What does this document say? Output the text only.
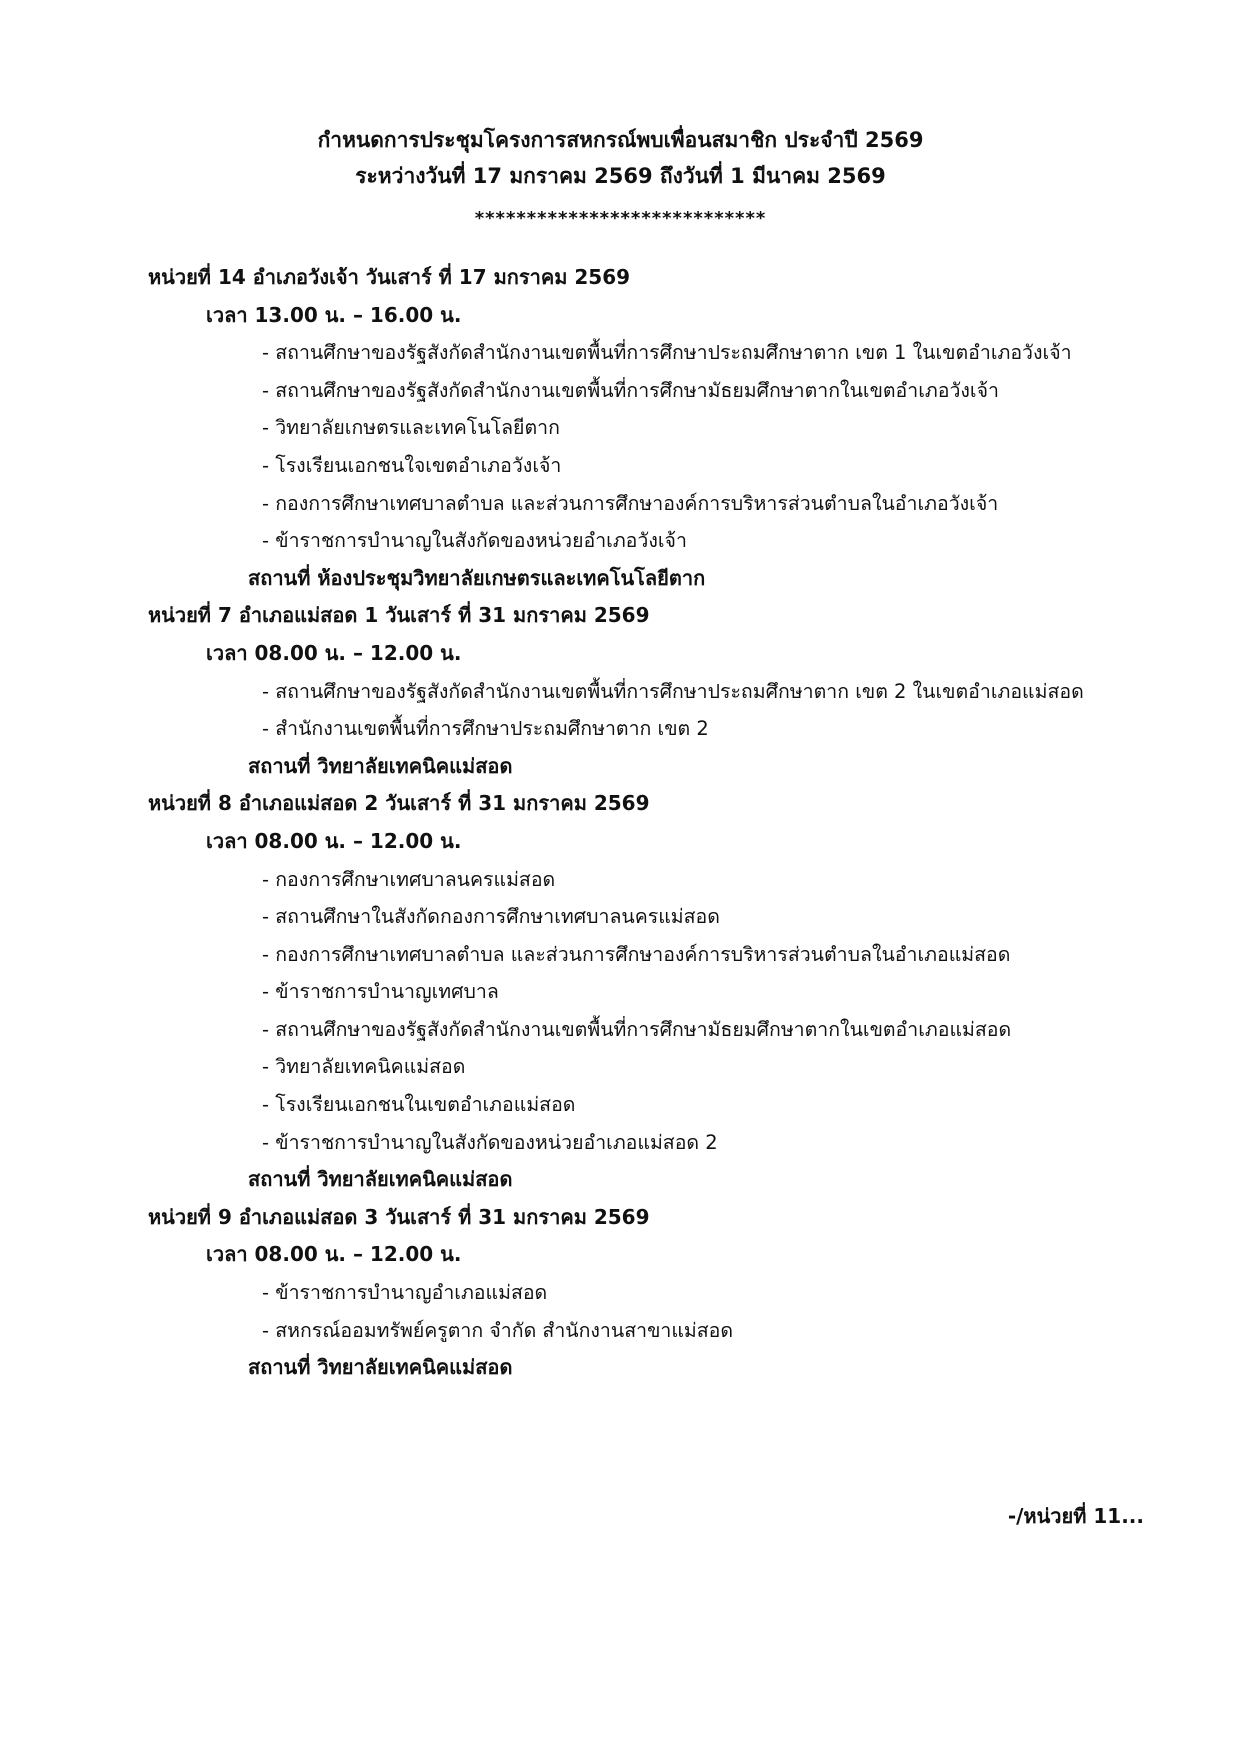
กำหนดการประชุมโครงการสหกรณ์พบเพื่อนสมาชิก ประจำปี 2569
ระหว่างวันที่ 17 มกราคม 2569 ถึงวันที่ 1 มีนาคม 2569
****************************
หน่วยที่ 14 อำเภอวังเจ้า วันเสาร์ ที่ 17 มกราคม 2569
เวลา 13.00 น. – 16.00 น.
- สถานศึกษาของรัฐสังกัดสำนักงานเขตพื้นที่การศึกษาประถมศึกษาตาก เขต 1 ในเขตอำเภอวังเจ้า
- สถานศึกษาของรัฐสังกัดสำนักงานเขตพื้นที่การศึกษามัธยมศึกษาตากในเขตอำเภอวังเจ้า
- วิทยาลัยเกษตรและเทคโนโลยีตาก
- โรงเรียนเอกชนใจเขตอำเภอวังเจ้า
- กองการศึกษาเทศบาลตำบล และส่วนการศึกษาองค์การบริหารส่วนตำบลในอำเภอวังเจ้า
- ข้าราชการบำนาญในสังกัดของหน่วยอำเภอวังเจ้า
สถานที่ ห้องประชุมวิทยาลัยเกษตรและเทคโนโลยีตาก
หน่วยที่ 7 อำเภอแม่สอด 1 วันเสาร์ ที่ 31 มกราคม 2569
เวลา 08.00 น. – 12.00 น.
- สถานศึกษาของรัฐสังกัดสำนักงานเขตพื้นที่การศึกษาประถมศึกษาตาก เขต 2 ในเขตอำเภอแม่สอด
- สำนักงานเขตพื้นที่การศึกษาประถมศึกษาตาก เขต 2
สถานที่ วิทยาลัยเทคนิคแม่สอด
หน่วยที่ 8 อำเภอแม่สอด 2 วันเสาร์ ที่ 31 มกราคม 2569
เวลา 08.00 น. – 12.00 น.
- กองการศึกษาเทศบาลนครแม่สอด
- สถานศึกษาในสังกัดกองการศึกษาเทศบาลนครแม่สอด
- กองการศึกษาเทศบาลตำบล และส่วนการศึกษาองค์การบริหารส่วนตำบลในอำเภอแม่สอด
- ข้าราชการบำนาญเทศบาล
- สถานศึกษาของรัฐสังกัดสำนักงานเขตพื้นที่การศึกษามัธยมศึกษาตากในเขตอำเภอแม่สอด
- วิทยาลัยเทคนิคแม่สอด
- โรงเรียนเอกชนในเขตอำเภอแม่สอด
- ข้าราชการบำนาญในสังกัดของหน่วยอำเภอแม่สอด 2
สถานที่ วิทยาลัยเทคนิคแม่สอด
หน่วยที่ 9 อำเภอแม่สอด 3 วันเสาร์ ที่ 31 มกราคม 2569
เวลา 08.00 น. – 12.00 น.
- ข้าราชการบำนาญอำเภอแม่สอด
- สหกรณ์ออมทรัพย์ครูตาก จำกัด สำนักงานสาขาแม่สอด
สถานที่ วิทยาลัยเทคนิคแม่สอด
-/หน่วยที่ 11...
